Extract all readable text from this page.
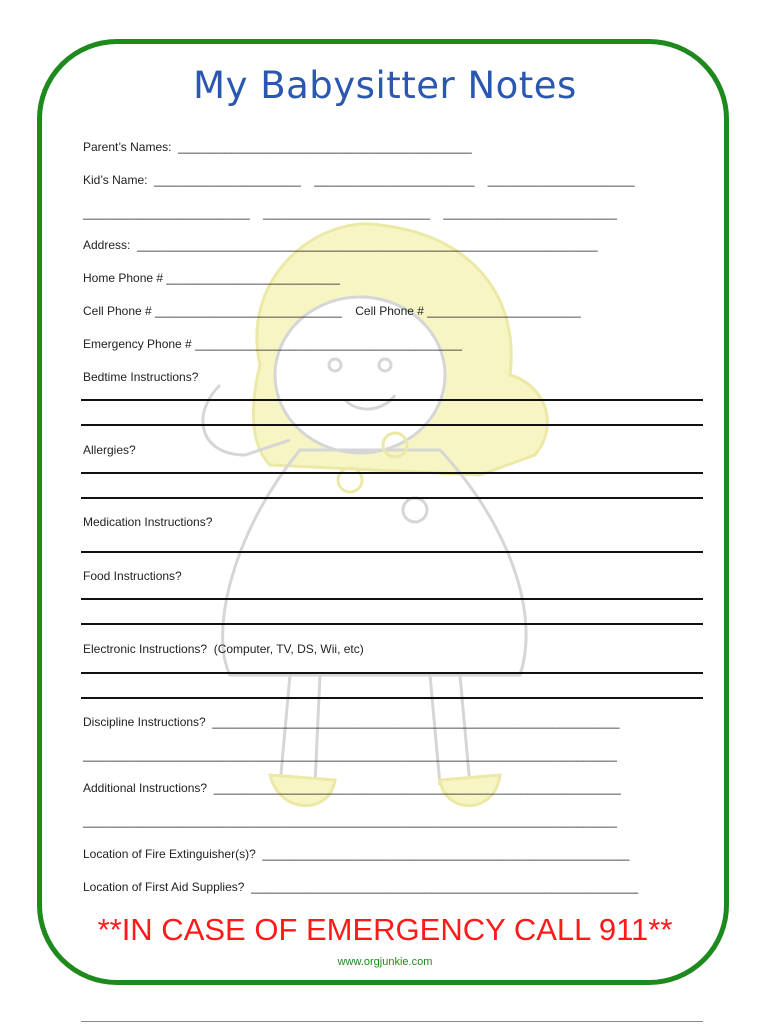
My Babysitter Notes
Parent’s Names:  ____________________________________________
Kid’s Name:  ______________________    ________________________    ______________________
_________________________    _________________________    __________________________
Address:  _____________________________________________________________________
Home Phone # __________________________
Cell Phone # ____________________________    Cell Phone # _______________________
Emergency Phone # ________________________________________
Bedtime Instructions?
Allergies?
Medication Instructions?
Food Instructions?
Electronic Instructions?  (Computer, TV, DS, Wii, etc)
Discipline Instructions?  _____________________________________________________________
________________________________________________________________________________
Additional Instructions?  _____________________________________________________________
________________________________________________________________________________
Location of Fire Extinguisher(s)?  _______________________________________________________
Location of First Aid Supplies?  __________________________________________________________
**IN CASE OF EMERGENCY CALL 911**
www.orgjunkie.com
